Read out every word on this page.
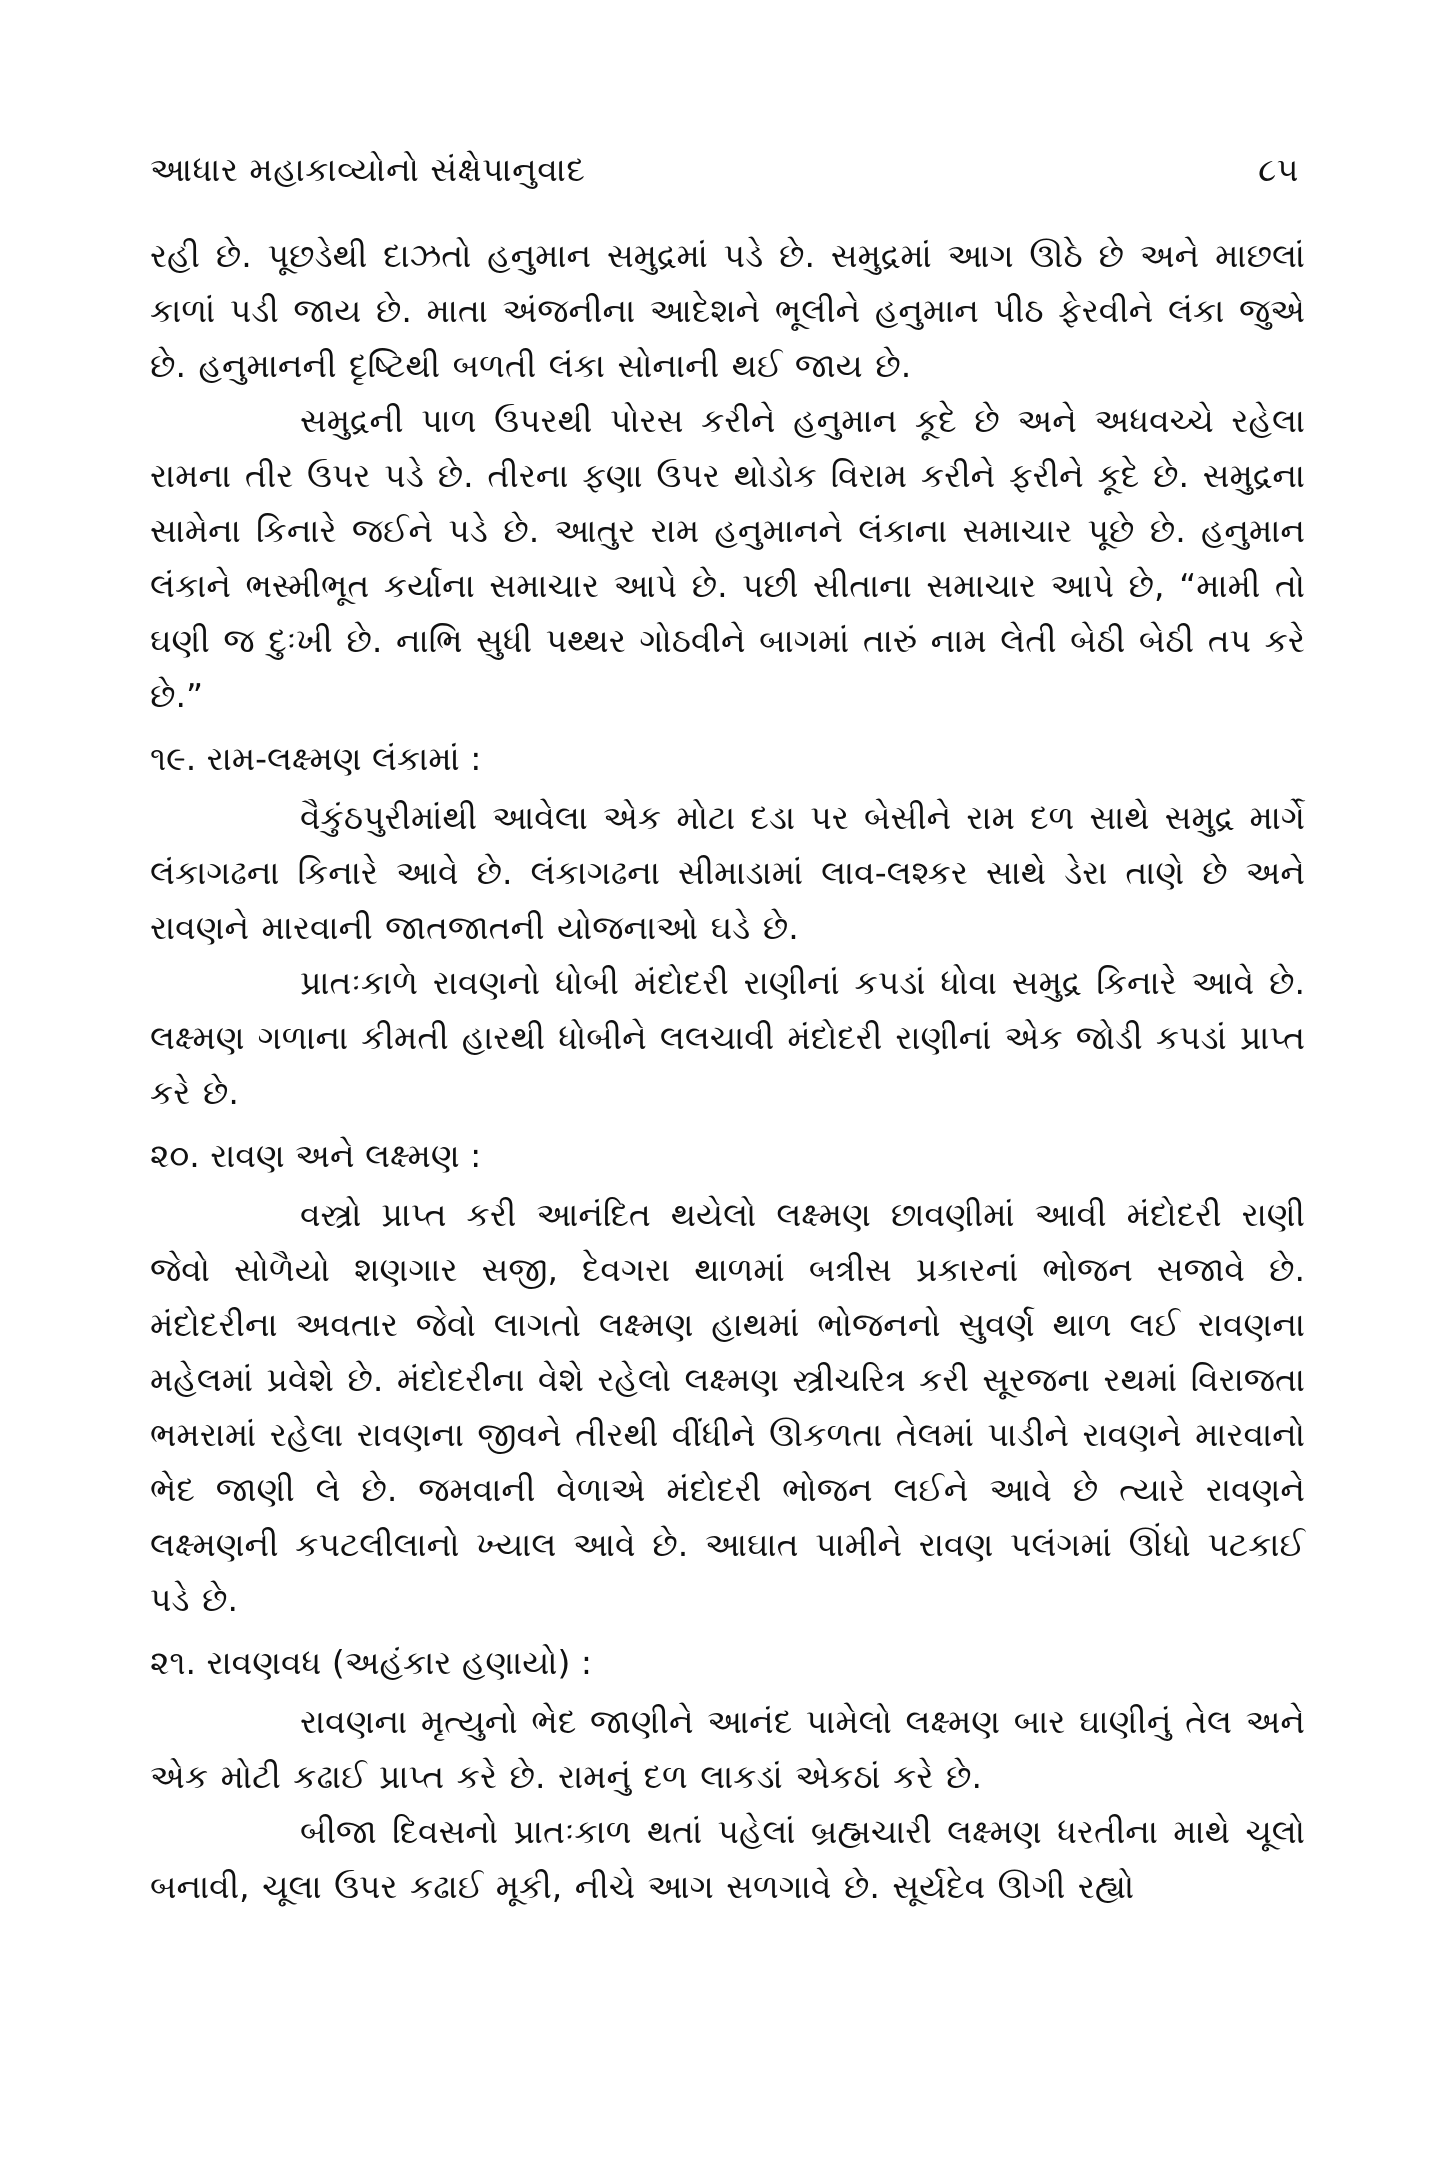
આધાર મહાકાવ્યોનો સંક્ષેપાનુવાદ	૮૫

રહી છે. પૂછડેથી દાઝતો હનુમાન સમુદ્રમાં પડે છે. સમુદ્રમાં આગ ઊઠે છે અને માછલાં કાળાં પડી જાય છે. માતા અંજનીના આદેશને ભૂલીને હનુમાન પીઠ ફેરવીને લંકા જુએ છે. હનુમાનની દૃષ્ટિથી બળતી લંકા સોનાની થઈ જાય છે.

સમુદ્રની પાળ ઉપરથી પોરસ કરીને હનુમાન કૂદે છે અને અધવચ્ચે રહેલા રામના તીર ઉપર પડે છે. તીરના ફણા ઉપર થોડોક વિરામ કરીને ફરીને કૂદે છે. સમુદ્રના સામેના કિનારે જઈને પડે છે. આતુર રામ હનુમાનને લંકાના સમાચાર પૂછે છે. હનુમાન લંકાને ભસ્મીભૂત કર્યાના સમાચાર આપે છે. પછી સીતાના સમાચાર આપે છે, “મામી તો ઘણી જ દુઃખી છે. નાભિ સુધી પથ્થર ગોઠવીને બાગમાં તારું નામ લેતી બેઠી બેઠી તપ કરે છે.”

૧૯. રામ-લક્ષ્મણ લંકામાં :

વૈકુંઠપુરીમાંથી આવેલા એક મોટા દડા પર બેસીને રામ દળ સાથે સમુદ્ર માર્ગે લંકાગઢના કિનારે આવે છે. લંકાગઢના સીમાડામાં લાવ-લશ્કર સાથે ડેરા તાણે છે અને રાવણને મારવાની જાતજાતની યોજનાઓ ઘડે છે.

પ્રાતઃકાળે રાવણનો ધોબી મંદોદરી રાણીનાં કપડાં ધોવા સમુદ્ર કિનારે આવે છે. લક્ષ્મણ ગળાના કીમતી હારથી ધોબીને લલચાવી મંદોદરી રાણીનાં એક જોડી કપડાં પ્રાપ્ત કરે છે.

૨૦. રાવણ અને લક્ષ્મણ :

વસ્ત્રો પ્રાપ્ત કરી આનંદિત થયેલો લક્ષ્મણ છાવણીમાં આવી મંદોદરી રાણી જેવો સોળૈયો શણગાર સજી, દેવગરા થાળમાં બત્રીસ પ્રકારનાં ભોજન સજાવે છે. મંદોદરીના અવતાર જેવો લાગતો લક્ષ્મણ હાથમાં ભોજનનો સુવર્ણ થાળ લઈ રાવણના મહેલમાં પ્રવેશે છે. મંદોદરીના વેશે રહેલો લક્ષ્મણ સ્ત્રીચરિત્ર કરી સૂરજના રથમાં વિરાજતા ભમરામાં રહેલા રાવણના જીવને તીરથી વીંધીને ઊકળતા તેલમાં પાડીને રાવણને મારવાનો ભેદ જાણી લે છે. જમવાની વેળાએ મંદોદરી ભોજન લઈને આવે છે ત્યારે રાવણને લક્ષ્મણની કપટલીલાનો ખ્યાલ આવે છે. આઘાત પામીને રાવણ પલંગમાં ઊંધો પટકાઈ પડે છે.

૨૧. રાવણવધ (અહંકાર હણાયો) :

રાવણના મૃત્યુનો ભેદ જાણીને આનંદ પામેલો લક્ષ્મણ બાર ઘાણીનું તેલ અને એક મોટી કઢાઈ પ્રાપ્ત કરે છે. રામનું દળ લાકડાં એકઠાં કરે છે.

બીજા દિવસનો પ્રાતઃકાળ થતાં પહેલાં બ્રહ્મચારી લક્ષ્મણ ધરતીના માથે ચૂલો બનાવી, ચૂલા ઉપર કઢાઈ મૂકી, નીચે આગ સળગાવે છે. સૂર્યદેવ ઊગી રહ્યો
